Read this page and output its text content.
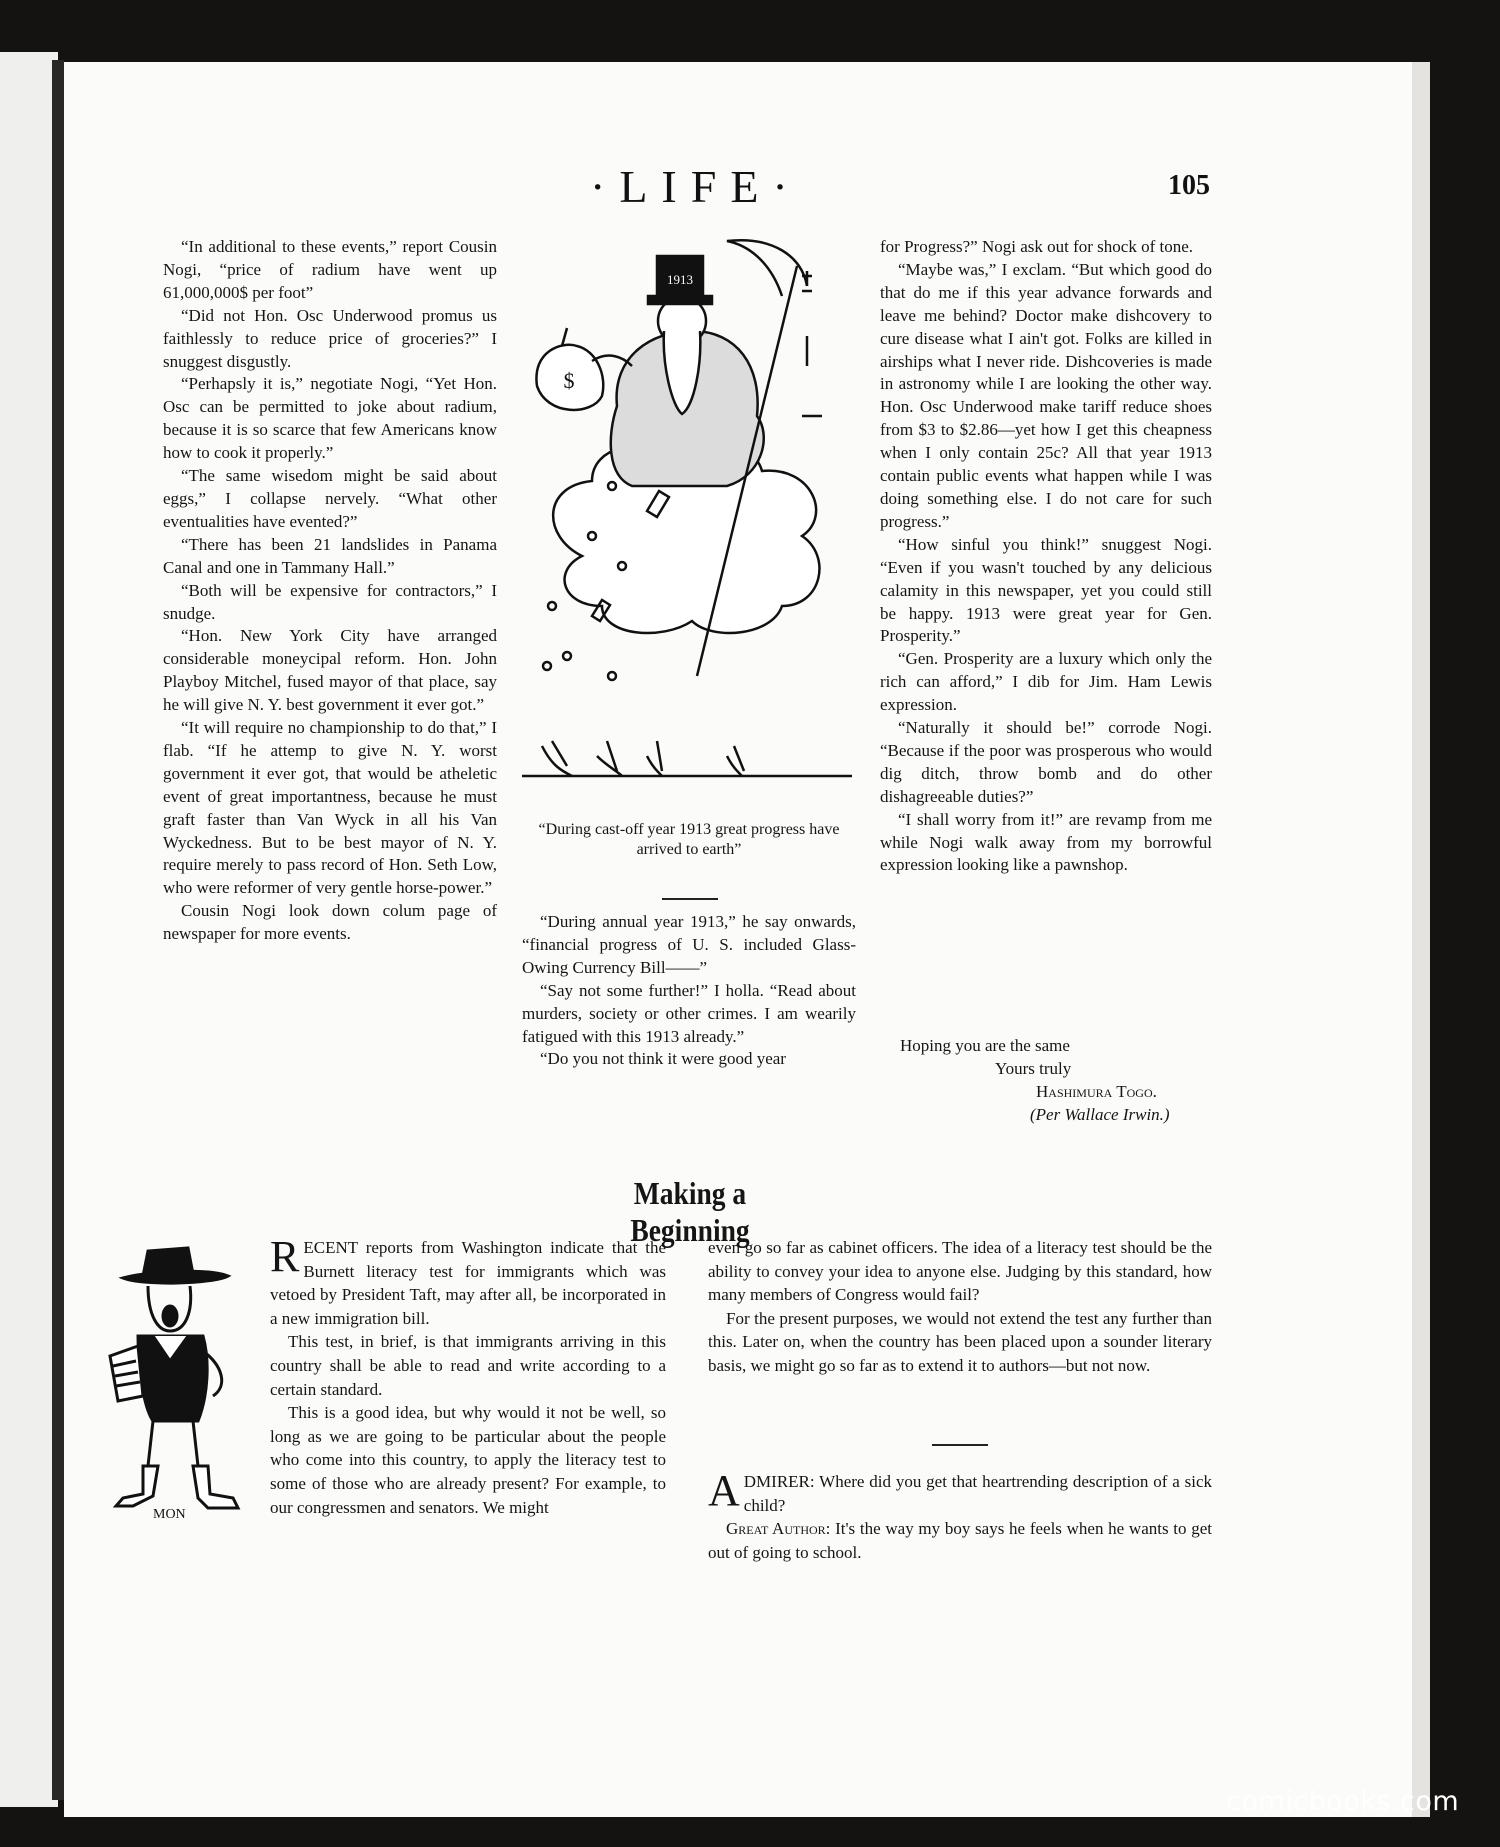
·LIFE·	105

“In additional to these events,” report Cousin Nogi, “price of radium have went up 61,000,000$ per foot”

“Did not Hon. Osc Underwood promus us faithlessly to reduce price of groceries?” I snuggest disgustly.

“Perhapsly it is,” negotiate Nogi, “Yet Hon. Osc can be permitted to joke about radium, because it is so scarce that few Americans know how to cook it properly.”

“The same wisedom might be said about eggs,” I collapse nervely. “What other eventualities have evented?”

“There has been 21 landslides in Panama Canal and one in Tammany Hall.”

“Both will be expensive for contractors,” I snudge.

“Hon. New York City have arranged considerable moneycipal reform. Hon. John Playboy Mitchel, fused mayor of that place, say he will give N. Y. best government it ever got.”

“It will require no championship to do that,” I flab. “If he attemp to give N. Y. worst government it ever got, that would be atheletic event of great importantness, because he must graft faster than Van Wyck in all his Van Wyckedness. But to be best mayor of N. Y. require merely to pass record of Hon. Seth Low, who were reformer of very gentle horse-power.”

Cousin Nogi look down colum page of newspaper for more events.

1913
$
“During cast-off year 1913 great progress have arrived to earth”

“During annual year 1913,” he say onwards, “financial progress of U. S. included Glass-Owing Currency Bill——”

“Say not some further!” I holla. “Read about murders, society or other crimes. I am wearily fatigued with this 1913 already.”

“Do you not think it were good year

for Progress?” Nogi ask out for shock of tone.

“Maybe was,” I exclam. “But which good do that do me if this year advance forwards and leave me behind? Doctor make dishcovery to cure disease what I ain't got. Folks are killed in airships what I never ride. Dishcoveries is made in astronomy while I are looking the other way. Hon. Osc Underwood make tariff reduce shoes from $3 to $2.86—yet how I get this cheapness when I only contain 25c? All that year 1913 contain public events what happen while I was doing something else. I do not care for such progress.”

“How sinful you think!” snuggest Nogi. “Even if you wasn't touched by any delicious calamity in this newspaper, yet you could still be happy. 1913 were great year for Gen. Prosperity.”

“Gen. Prosperity are a luxury which only the rich can afford,” I dib for Jim. Ham Lewis expression.

“Naturally it should be!” corrode Nogi. “Because if the poor was prosperous who would dig ditch, throw bomb and do other dishagreeable duties?”

“I shall worry from it!” are revamp from me while Nogi walk away from my borrowful expression looking like a pawnshop.

Hoping you are the same
Yours truly
Hashimura Togo.
(Per Wallace Irwin.)
Making a Beginning
MON

RECENT reports from Washington indicate that the Burnett literacy test for immigrants which was vetoed by President Taft, may after all, be incorporated in a new immigration bill.

This test, in brief, is that immigrants arriving in this country shall be able to read and write according to a certain standard.

This is a good idea, but why would it not be well, so long as we are going to be particular about the people who come into this country, to apply the literacy test to some of those who are already present? For example, to our congressmen and senators. We might

even go so far as cabinet officers. The idea of a literacy test should be the ability to convey your idea to anyone else. Judging by this standard, how many members of Congress would fail?

For the present purposes, we would not extend the test any further than this. Later on, when the country has been placed upon a sounder literary basis, we might go so far as to extend it to authors—but not now.

ADMIRER: Where did you get that heartrending description of a sick child?

Great Author: It's the way my boy says he feels when he wants to get out of going to school.

comicbooks.com
